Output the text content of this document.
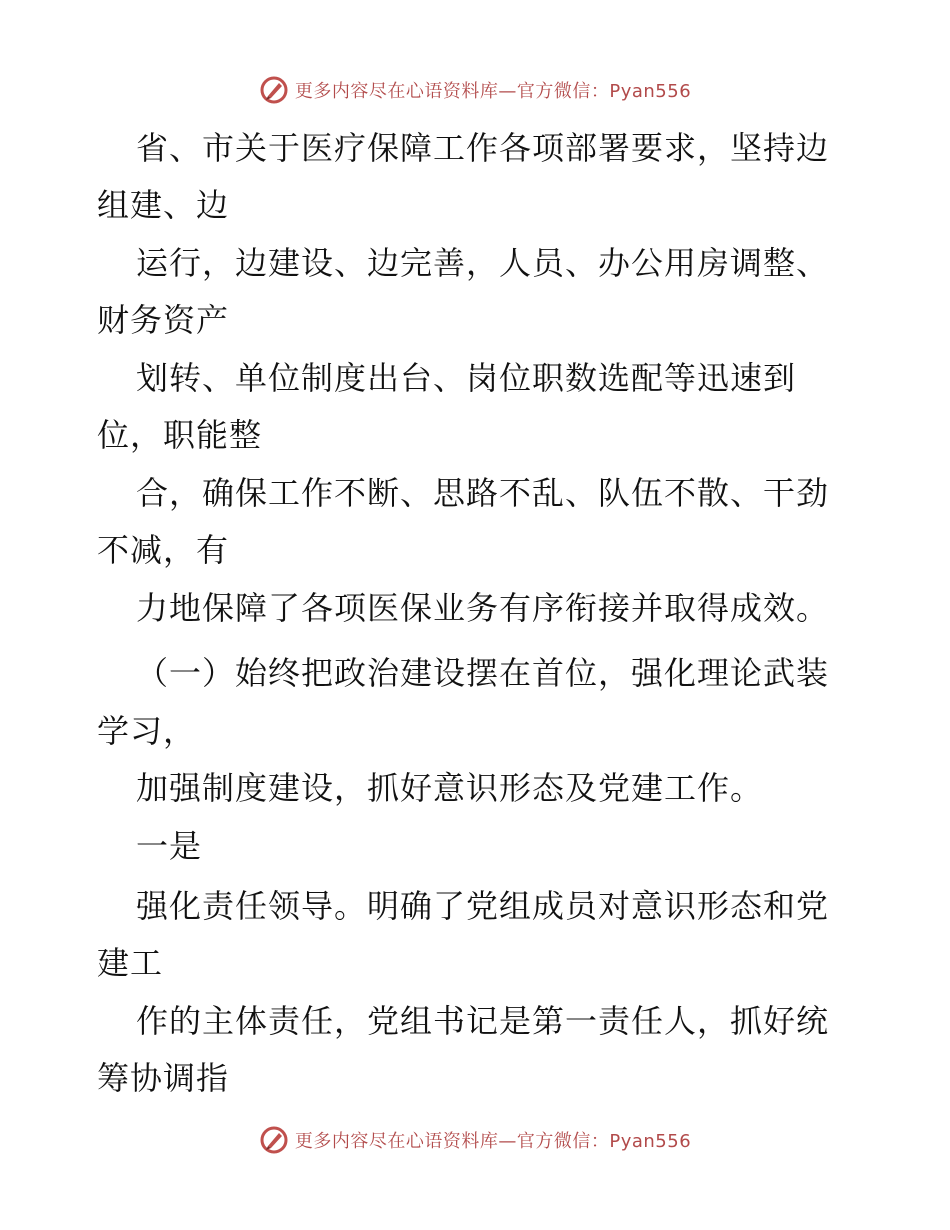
更多内容尽在心语资料库—官方微信：Pyan556
省、市关于医疗保障工作各项部署要求，坚持边
组建、边
运行，边建设、边完善，人员、办公用房调整、
财务资产
划转、单位制度出台、岗位职数选配等迅速到
位，职能整
合，确保工作不断、思路不乱、队伍不散、干劲
不减，有
力地保障了各项医保业务有序衔接并取得成效。
（一）始终把政治建设摆在首位，强化理论武装
学习，
加强制度建设，抓好意识形态及党建工作。
一是
强化责任领导。明确了党组成员对意识形态和党
建工
作的主体责任，党组书记是第一责任人，抓好统
筹协调指
更多内容尽在心语资料库—官方微信：Pyan556
